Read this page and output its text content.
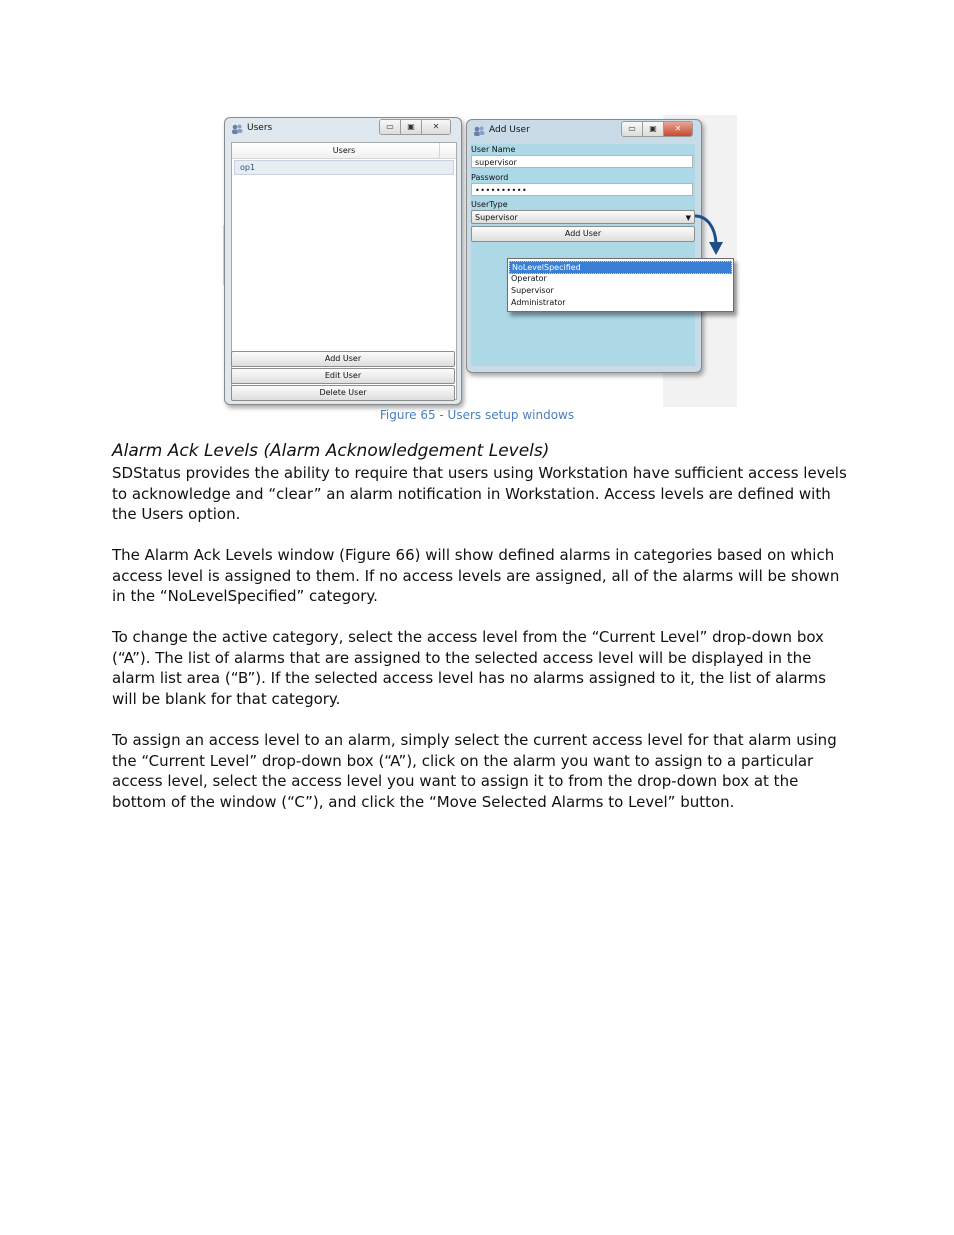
Users	▭	▣	✕
Users
op1
Add User
Edit User
Delete User
Add User	▭	▣	✕
User Name
supervisor
Password
••••••••••
UserType
Supervisor	▼
Add User
NoLevelSpecified
Operator
Supervisor
Administrator
Figure 65 - Users setup windows
Alarm Ack Levels (Alarm Acknowledgement Levels)
SDStatus provides the ability to require that users using Workstation have sufficient access levels to acknowledge and “clear” an alarm notification in Workstation. Access levels are defined with the Users option.
The Alarm Ack Levels window (Figure 66) will show defined alarms in categories based on which access level is assigned to them. If no access levels are assigned, all of the alarms will be shown in the “NoLevelSpecified” category.
To change the active category, select the access level from the “Current Level” drop-down box (“A”). The list of alarms that are assigned to the selected access level will be displayed in the alarm list area (“B”). If the selected access level has no alarms assigned to it, the list of alarms will be blank for that category.
To assign an access level to an alarm, simply select the current access level for that alarm using the “Current Level” drop-down box (“A”), click on the alarm you want to assign to a particular access level, select the access level you want to assign it to from the drop-down box at the bottom of the window (“C”), and click the “Move Selected Alarms to Level” button.
